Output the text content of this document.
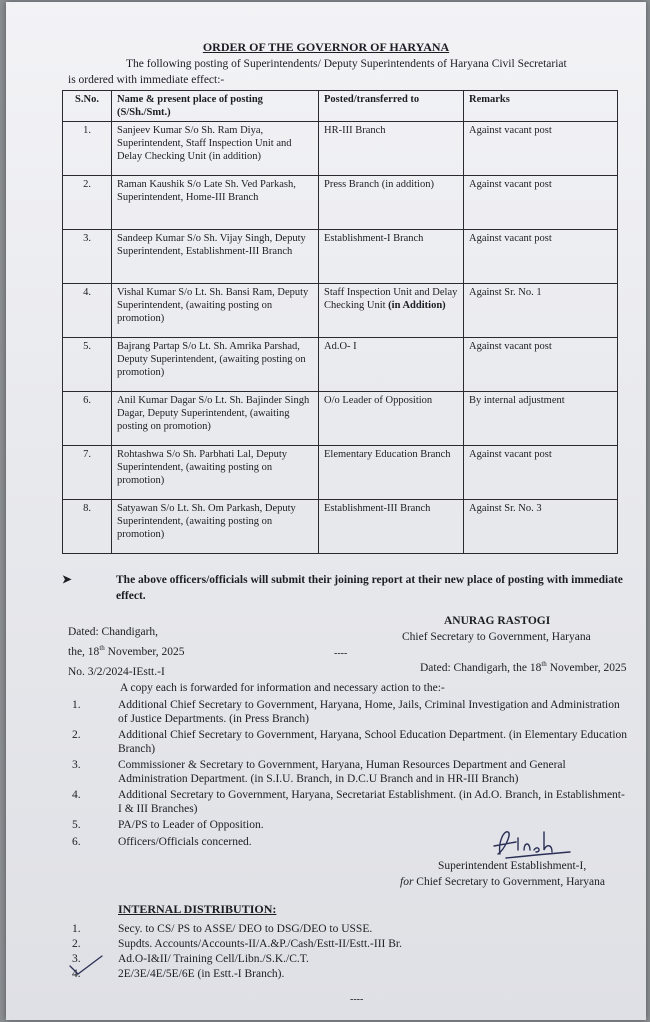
ORDER OF THE GOVERNOR OF HARYANA
The following posting of Superintendents/ Deputy Superintendents of Haryana Civil Secretariat
is ordered with immediate effect:-
S.No.	Name & present place of posting (S/Sh./Smt.)	Posted/transferred to	Remarks
1.	Sanjeev Kumar S/o Sh. Ram Diya, Superintendent, Staff Inspection Unit and Delay Checking Unit (in addition)	HR-III Branch	Against vacant post
2.	Raman Kaushik S/o Late Sh. Ved Parkash, Superintendent, Home-III Branch	Press Branch (in addition)	Against vacant post
3.	Sandeep Kumar S/o Sh. Vijay Singh, Deputy Superintendent, Establishment-III Branch	Establishment-I Branch	Against vacant post
4.	Vishal Kumar S/o Lt. Sh. Bansi Ram, Deputy Superintendent, (awaiting posting on promotion)	Staff Inspection Unit and Delay Checking Unit (in Addition)	Against Sr. No. 1
5.	Bajrang Partap S/o Lt. Sh. Amrika Parshad, Deputy Superintendent, (awaiting posting on promotion)	Ad.O- I	Against vacant post
6.	Anil Kumar Dagar S/o Lt. Sh. Bajinder Singh Dagar, Deputy Superintendent, (awaiting posting on promotion)	O/o Leader of Opposition	By internal adjustment
7.	Rohtashwa S/o Sh. Parbhati Lal, Deputy Superintendent, (awaiting posting on promotion)	Elementary Education Branch	Against vacant post
8.	Satyawan S/o Lt. Sh. Om Parkash, Deputy Superintendent, (awaiting posting on promotion)	Establishment-III Branch	Against Sr. No. 3
➤	The above officers/officials will submit their joining report at their new place of posting with immediate effect.
Dated: Chandigarh,
the, 18th November, 2025
ANURAG RASTOGI
Chief Secretary to Government, Haryana
----
No. 3/2/2024-IEstt.-I	Dated: Chandigarh, the 18th November, 2025
A copy each is forwarded for information and necessary action to the:-
1.	Additional Chief Secretary to Government, Haryana, Home, Jails, Criminal Investigation and Administration of Justice Departments. (in Press Branch)
2.	Additional Chief Secretary to Government, Haryana, School Education Department. (in Elementary Education Branch)
3.	Commissioner & Secretary to Government, Haryana, Human Resources Department and General Administration Department. (in S.I.U. Branch, in D.C.U Branch and in HR-III Branch)
4.	Additional Secretary to Government, Haryana, Secretariat Establishment. (in Ad.O. Branch, in Establishment- I & III Branches)
5.	PA/PS to Leader of Opposition.
6.	Officers/Officials concerned.
Superintendent Establishment-I,
for Chief Secretary to Government, Haryana
INTERNAL DISTRIBUTION:
1.	Secy. to CS/ PS to ASSE/ DEO to DSG/DEO to USSE.
2.	Supdts. Accounts/Accounts-II/A.&P./Cash/Estt-II/Estt.-III Br.
3.	Ad.O-I&II/ Training Cell/Libn./S.K./C.T.
4.	2E/3E/4E/5E/6E (in Estt.-I Branch).
----
